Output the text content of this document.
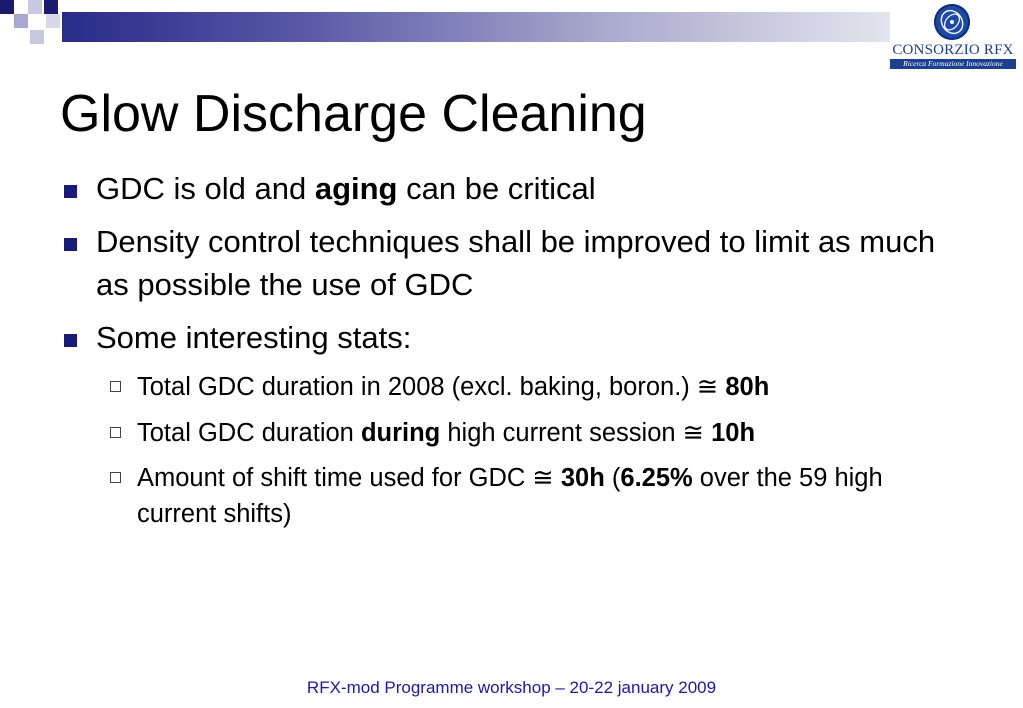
CONSORZIO RFX
Ricerca Formazione Innovazione
Glow Discharge Cleaning
GDC is old and aging can be critical
Density control techniques shall be improved to limit as much as possible the use of GDC
Some interesting stats:
Total GDC duration in 2008 (excl. baking, boron.) ≅ 80h
Total GDC duration during high current session ≅ 10h
Amount of shift time used for GDC ≅ 30h (6.25% over the 59 high current shifts)
RFX-mod Programme workshop – 20-22 january 2009
